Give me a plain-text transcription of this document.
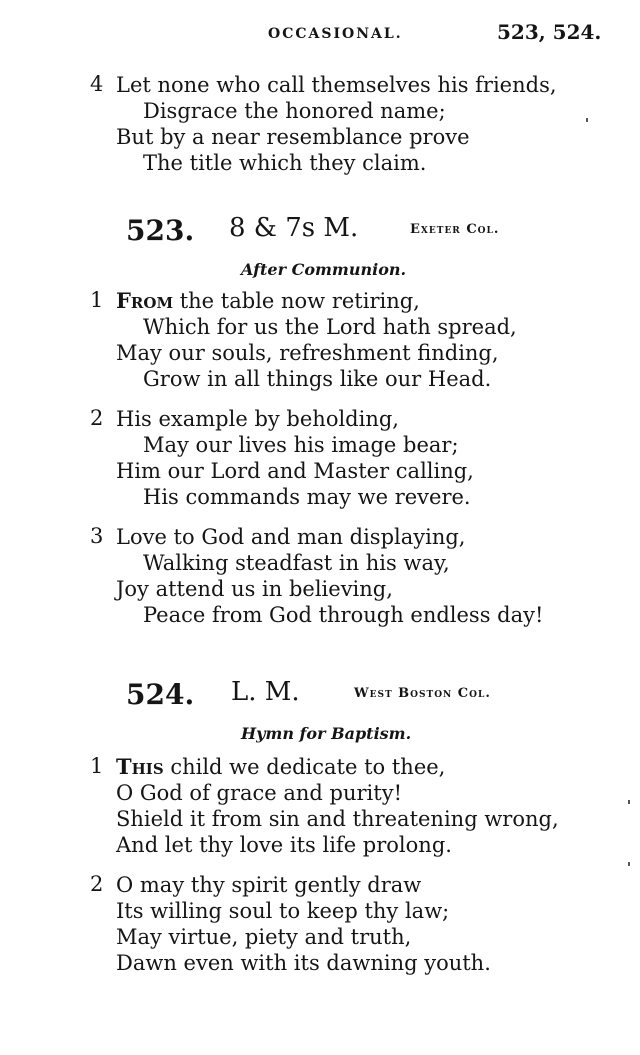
OCCASIONAL.	523, 524.
4 Let none who call themselves his friends,
Disgrace the honored name;
But by a near resemblance prove
The title which they claim.
523. 8 & 7s M.	Exeter Col.
After Communion.
1 From the table now retiring,
Which for us the Lord hath spread,
May our souls, refreshment finding,
Grow in all things like our Head.
2 His example by beholding,
May our lives his image bear;
Him our Lord and Master calling,
His commands may we revere.
3 Love to God and man displaying,
Walking steadfast in his way,
Joy attend us in believing,
Peace from God through endless day!
524. L. M.	West Boston Col.
Hymn for Baptism.
1 This child we dedicate to thee,
O God of grace and purity!
Shield it from sin and threatening wrong,
And let thy love its life prolong.
2 O may thy spirit gently draw
Its willing soul to keep thy law;
May virtue, piety and truth,
Dawn even with its dawning youth.
